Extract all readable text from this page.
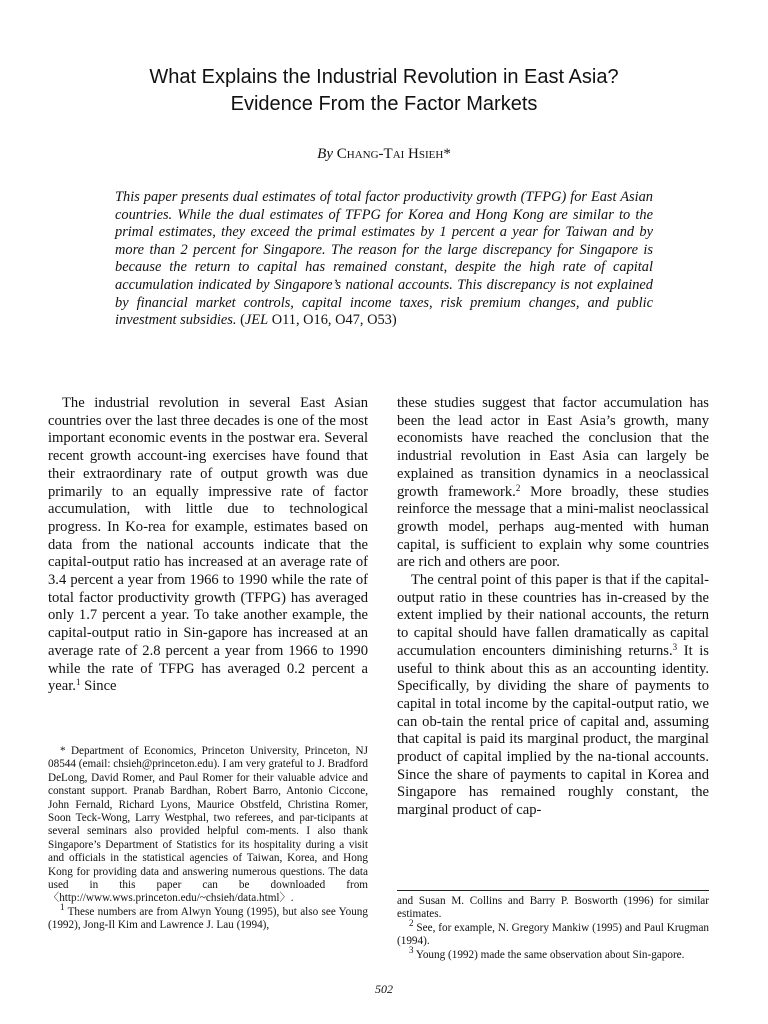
What Explains the Industrial Revolution in East Asia?
Evidence From the Factor Markets
By Chang-Tai Hsieh*
This paper presents dual estimates of total factor productivity growth (TFPG) for East Asian countries. While the dual estimates of TFPG for Korea and Hong Kong are similar to the primal estimates, they exceed the primal estimates by 1 percent a year for Taiwan and by more than 2 percent for Singapore. The reason for the large discrepancy for Singapore is because the return to capital has remained constant, despite the high rate of capital accumulation indicated by Singapore’s national accounts. This discrepancy is not explained by financial market controls, capital income taxes, risk premium changes, and public investment subsidies. (JEL O11, O16, O47, O53)

The industrial revolution in several East Asian countries over the last three decades is one of the most important economic events in the postwar era. Several recent growth account-ing exercises have found that their extraordinary rate of output growth was due primarily to an equally impressive rate of factor accumulation, with little due to technological progress. In Ko-rea for example, estimates based on data from the national accounts indicate that the capital-output ratio has increased at an average rate of 3.4 percent a year from 1966 to 1990 while the rate of total factor productivity growth (TFPG) has averaged only 1.7 percent a year. To take another example, the capital-output ratio in Sin-gapore has increased at an average rate of 2.8 percent a year from 1966 to 1990 while the rate of TFPG has averaged 0.2 percent a year.$^1$ Since

these studies suggest that factor accumulation has been the lead actor in East Asia’s growth, many economists have reached the conclusion that the industrial revolution in East Asia can largely be explained as transition dynamics in a neoclassical growth framework.$^2$ More broadly, these studies reinforce the message that a mini-malist neoclassical growth model, perhaps aug-mented with human capital, is sufficient to explain why some countries are rich and others are poor.

The central point of this paper is that if the capital-output ratio in these countries has in-creased by the extent implied by their national accounts, the return to capital should have fallen dramatically as capital accumulation encounters diminishing returns.$^3$ It is useful to think about this as an accounting identity. Specifically, by dividing the share of payments to capital in total income by the capital-output ratio, we can ob-tain the rental price of capital and, assuming that capital is paid its marginal product, the marginal product of capital implied by the na-tional accounts. Since the share of payments to capital in Korea and Singapore has remained roughly constant, the marginal product of cap-

* Department of Economics, Princeton University, Princeton, NJ 08544 (email: chsieh@princeton.edu). I am very grateful to J. Bradford DeLong, David Romer, and Paul Romer for their valuable advice and constant support. Pranab Bardhan, Robert Barro, Antonio Ciccone, John Fernald, Richard Lyons, Maurice Obstfeld, Christina Romer, Soon Teck-Wong, Larry Westphal, two referees, and par-ticipants at several seminars also provided helpful com-ments. I also thank Singapore’s Department of Statistics for its hospitality during a visit and officials in the statistical agencies of Taiwan, Korea, and Hong Kong for providing data and answering numerous questions. The data used in this paper can be downloaded from 〈http://www.wws.princeton.edu/~chsieh/data.html〉.

$^1$ These numbers are from Alwyn Young (1995), but also see Young (1992), Jong-Il Kim and Lawrence J. Lau (1994),

and Susan M. Collins and Barry P. Bosworth (1996) for similar estimates.

$^2$ See, for example, N. Gregory Mankiw (1995) and Paul Krugman (1994).

$^3$ Young (1992) made the same observation about Sin-gapore.

502
